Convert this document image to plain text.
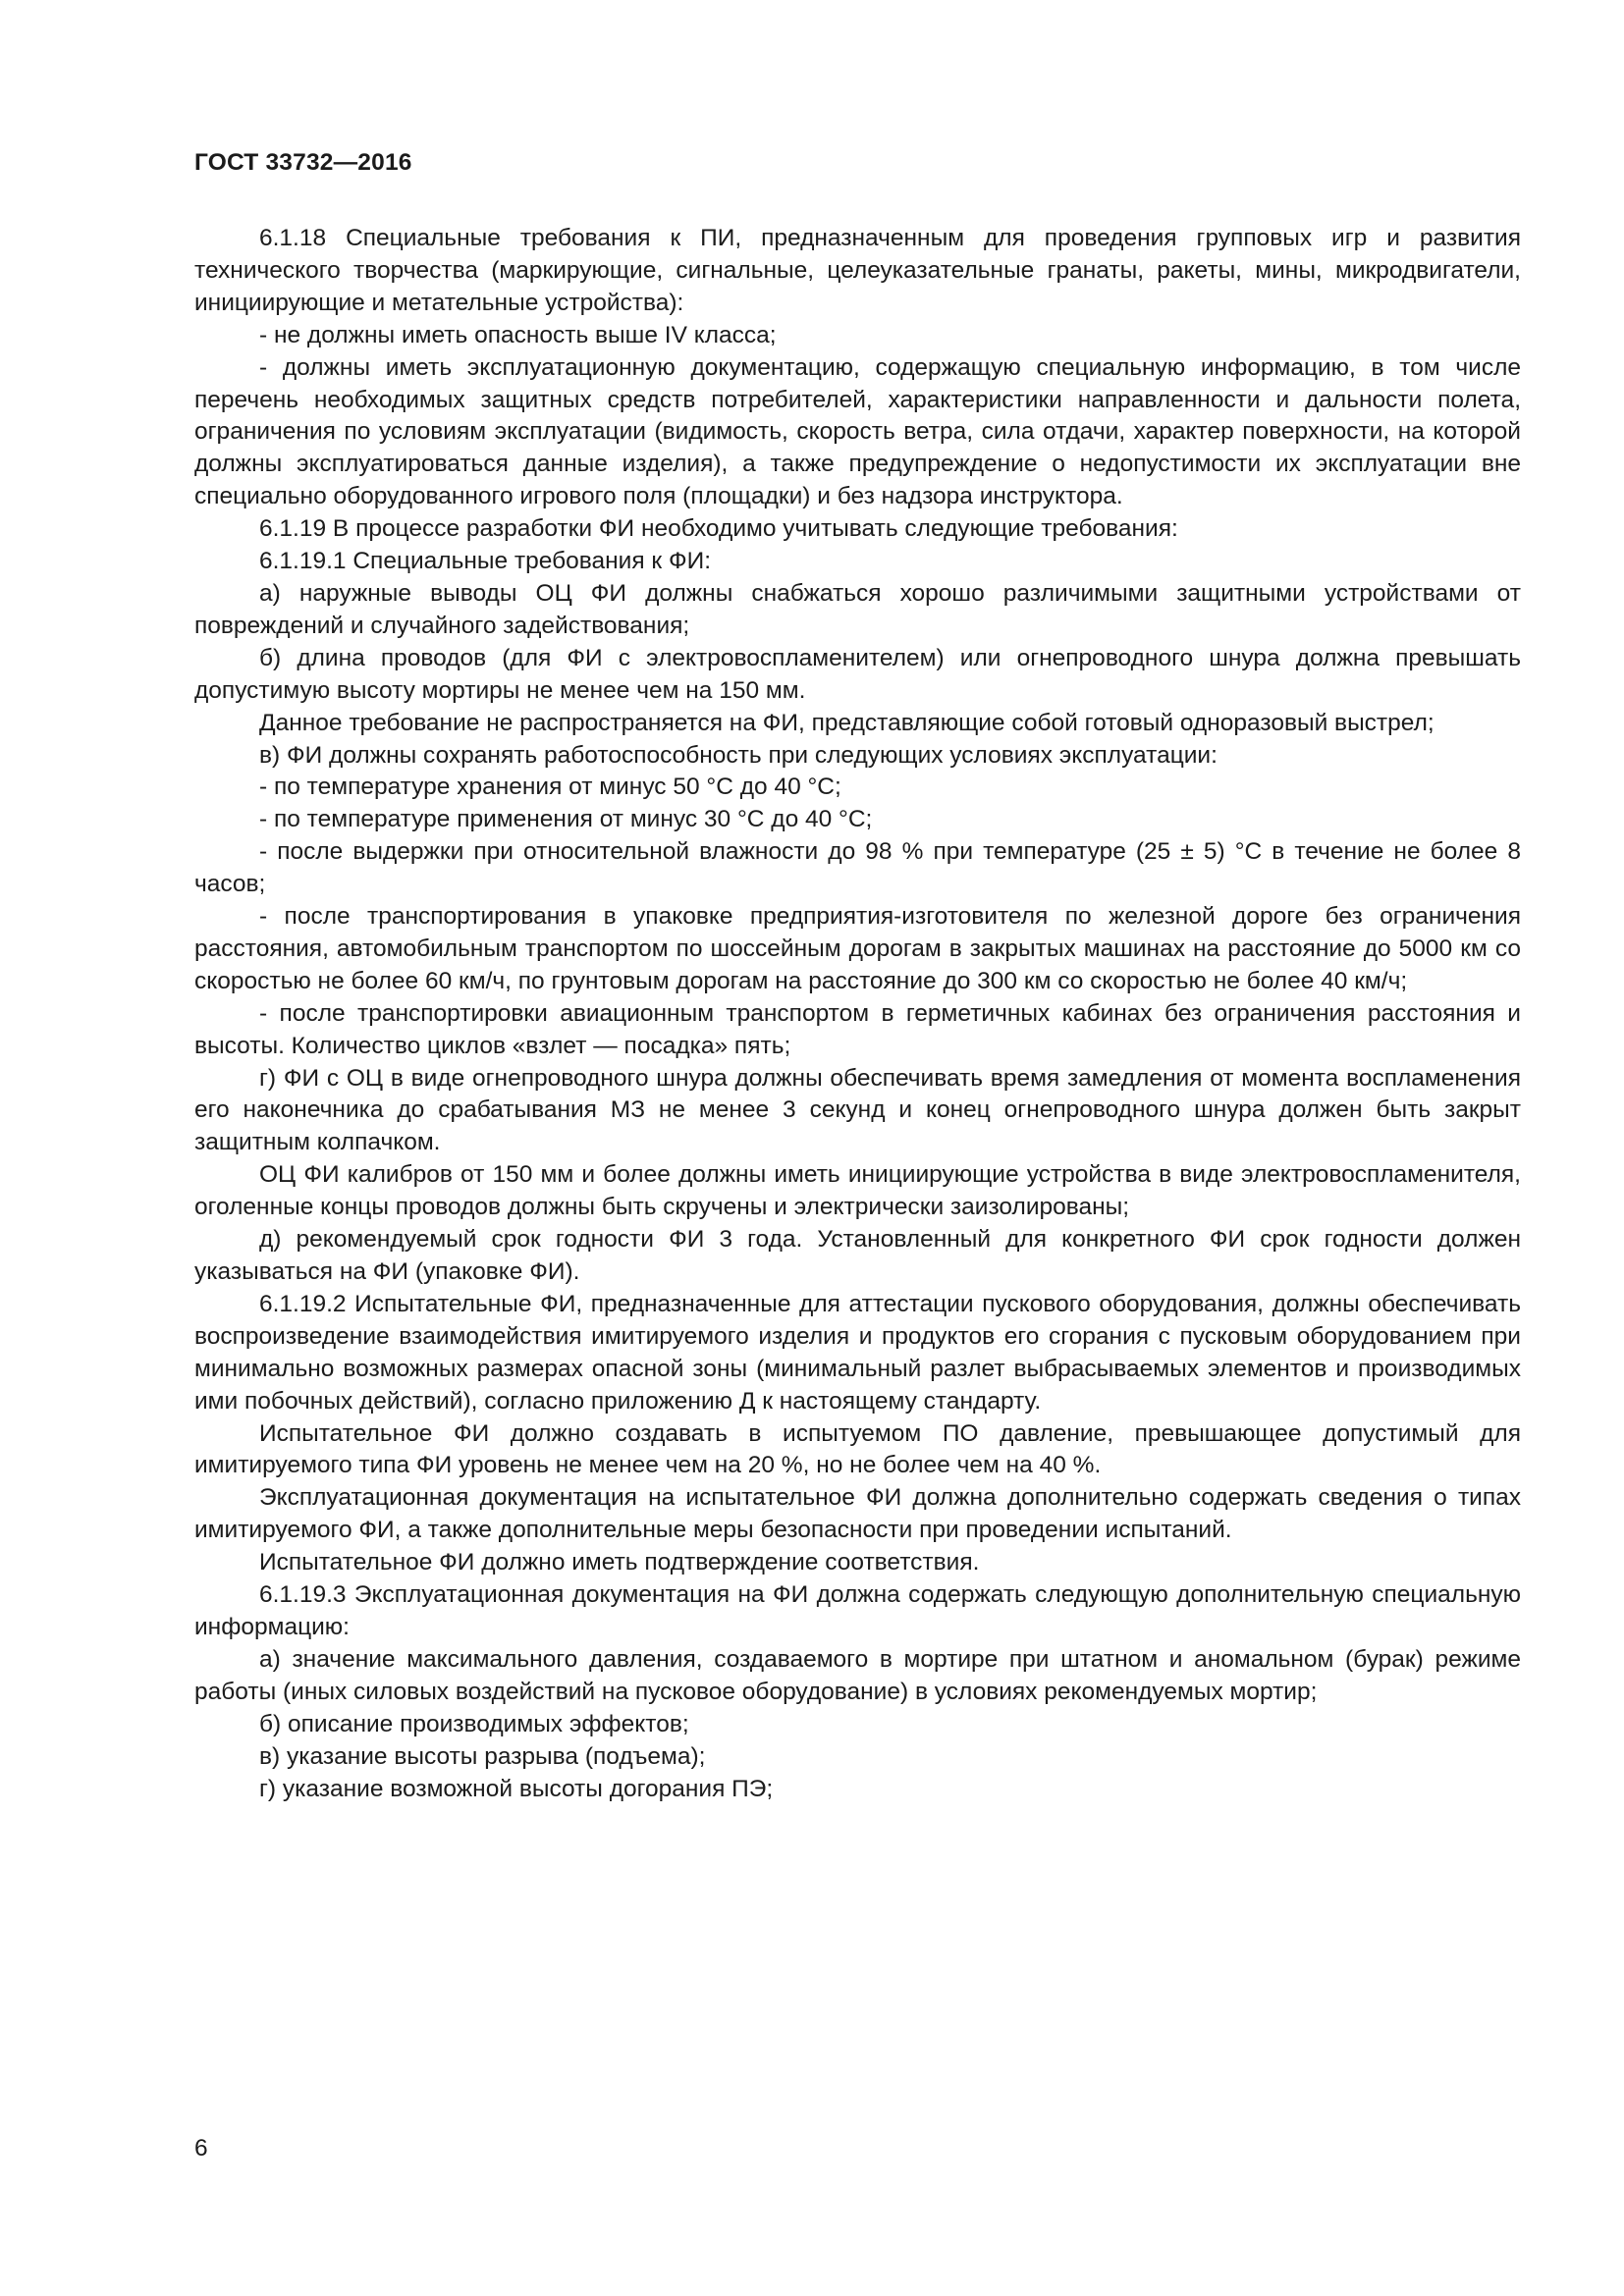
ГОСТ 33732—2016

6.1.18 Специальные требования к ПИ, предназначенным для проведения групповых игр и развития технического творчества (маркирующие, сигнальные, целеуказательные гранаты, ракеты, мины, микродвигатели, инициирующие и метательные устройства):

- не должны иметь опасность выше IV класса;

- должны иметь эксплуатационную документацию, содержащую специальную информацию, в том числе перечень необходимых защитных средств потребителей, характеристики направленности и дальности полета, ограничения по условиям эксплуатации (видимость, скорость ветра, сила отдачи, характер поверхности, на которой должны эксплуатироваться данные изделия), а также предупреждение о недопустимости их эксплуатации вне специально оборудованного игрового поля (площадки) и без надзора инструктора.

6.1.19 В процессе разработки ФИ необходимо учитывать следующие требования:

6.1.19.1 Специальные требования к ФИ:

а) наружные выводы ОЦ ФИ должны снабжаться хорошо различимыми защитными устройствами от повреждений и случайного задействования;

б) длина проводов (для ФИ с электровоспламенителем) или огнепроводного шнура должна превышать допустимую высоту мортиры не менее чем на 150 мм.

Данное требование не распространяется на ФИ, представляющие собой готовый одноразовый выстрел;

в) ФИ должны сохранять работоспособность при следующих условиях эксплуатации:

- по температуре хранения от минус 50 °С до 40 °С;

- по температуре применения от минус 30 °С до 40 °С;

- после выдержки при относительной влажности до 98 % при температуре (25 ± 5) °С в течение не более 8 часов;

- после транспортирования в упаковке предприятия-изготовителя по железной дороге без ограничения расстояния, автомобильным транспортом по шоссейным дорогам в закрытых машинах на расстояние до 5000 км со скоростью не более 60 км/ч, по грунтовым дорогам на расстояние до 300 км со скоростью не более 40 км/ч;

- после транспортировки авиационным транспортом в герметичных кабинах без ограничения расстояния и высоты. Количество циклов «взлет — посадка» пять;

г) ФИ с ОЦ в виде огнепроводного шнура должны обеспечивать время замедления от момента воспламенения его наконечника до срабатывания МЗ не менее 3 секунд и конец огнепроводного шнура должен быть закрыт защитным колпачком.

ОЦ ФИ калибров от 150 мм и более должны иметь инициирующие устройства в виде электровоспламенителя, оголенные концы проводов должны быть скручены и электрически заизолированы;

д) рекомендуемый срок годности ФИ 3 года. Установленный для конкретного ФИ срок годности должен указываться на ФИ (упаковке ФИ).

6.1.19.2 Испытательные ФИ, предназначенные для аттестации пускового оборудования, должны обеспечивать воспроизведение взаимодействия имитируемого изделия и продуктов его сгорания с пусковым оборудованием при минимально возможных размерах опасной зоны (минимальный разлет выбрасываемых элементов и производимых ими побочных действий), согласно приложению Д к настоящему стандарту.

Испытательное ФИ должно создавать в испытуемом ПО давление, превышающее допустимый для имитируемого типа ФИ уровень не менее чем на 20 %, но не более чем на 40 %.

Эксплуатационная документация на испытательное ФИ должна дополнительно содержать сведения о типах имитируемого ФИ, а также дополнительные меры безопасности при проведении испытаний.

Испытательное ФИ должно иметь подтверждение соответствия.

6.1.19.3 Эксплуатационная документация на ФИ должна содержать следующую дополнительную специальную информацию:

а) значение максимального давления, создаваемого в мортире при штатном и аномальном (бурак) режиме работы (иных силовых воздействий на пусковое оборудование) в условиях рекомендуемых мортир;

б) описание производимых эффектов;

в) указание высоты разрыва (подъема);

г) указание возможной высоты догорания ПЭ;

6
